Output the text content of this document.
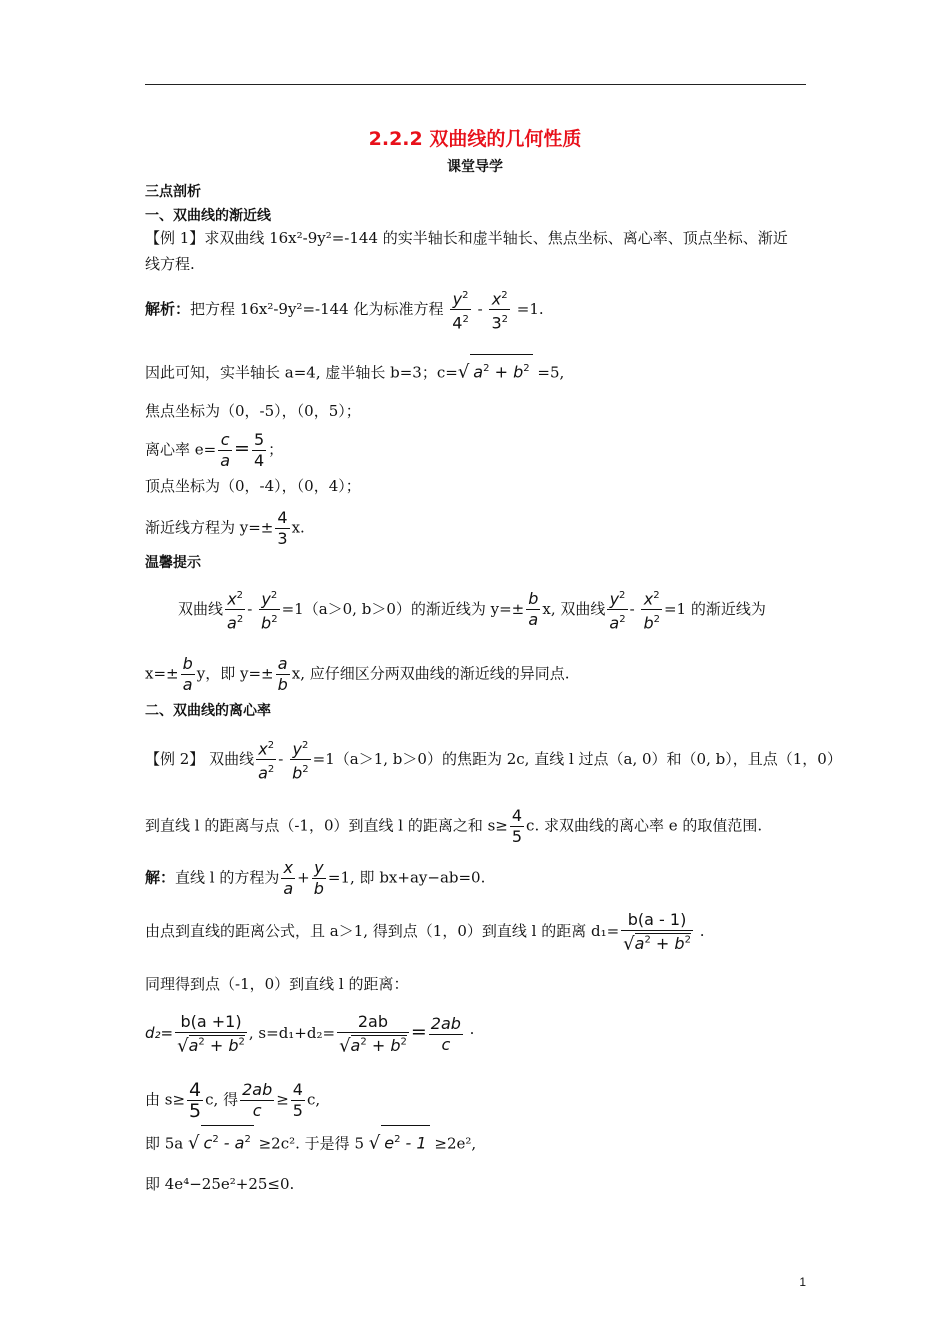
2.2.2 双曲线的几何性质
课堂导学
三点剖析
一、双曲线的渐近线
【例 1】求双曲线 16x²-9y²=-144 的实半轴长和虚半轴长、焦点坐标、离心率、顶点坐标、渐近
线方程.
解析：把方程 16x²-9y²=-144 化为标准方程 $\frac{y^2}{4^2} - \frac{x^2}{3^2} =1$.
因此可知，实半轴长 a=4, 虚半轴长 b=3；c=√ $a^2 + b^2 =5$,
焦点坐标为（0，-5），（0，5）；
离心率 $e= \frac{c}{a} = \frac{5}{4}$ ；
顶点坐标为（0，-4），（0，4）；
渐近线方程为 $y=\pm \frac{4}{3} x$.
温馨提示
双曲线 $\frac{x^2}{a^2} - \frac{y^2}{b^2} =1(a>0$, b＞0）的渐近线为 $y=\pm \frac{b}{a} x$, 双曲线 $\frac{y^2}{a^2} - \frac{x^2}{b^2} =1$ 的渐近线为
$x=\pm \frac{b}{a}$ y，即 $y=\pm \frac{a}{b} x$, 应仔细区分两双曲线的渐近线的异同点.
二、双曲线的离心率
【例 2】 双曲线 $\frac{x^2}{a^2} - \frac{y^2}{b^2} =1(a>1$, b＞0）的焦距为 2c, 直线 l 过点（a, 0）和（0, b），且点（1，0）
到直线 l 的距离与点（-1，0）到直线 l 的距离之和 $s\ge \frac{4}{5} c$. 求双曲线的离心率 e 的取值范围.
解：直线 l 的方程为 $\frac{x}{a} + \frac{y}{b} =1$, 即 bx+ay−ab=0.
由点到直线的距离公式，且 a＞1, 得到点（1，0）到直线 l 的距离 $d_1= \frac{b(a - 1)}{√a^2 + b^2}$ .
同理得到点（-1，0）到直线 l 的距离：
$d_2= \frac{b(a +1)}{√a^2 + b^2}$ , $s=d_1+d_2= \frac{2ab}{√a^2 + b^2} = \frac{2ab}{c}$ ·
由 $s\ge \frac{4}{5} c$, 得 $\frac{2ab}{c} \ge \frac{4}{5} c$,
即 5a √ $c^2 - a^2 \ge 2c^2$. 于是得 5 √ $e^2 - 1 \ge 2e^2$,
即 4e⁴−25e²+25≤0.
1
